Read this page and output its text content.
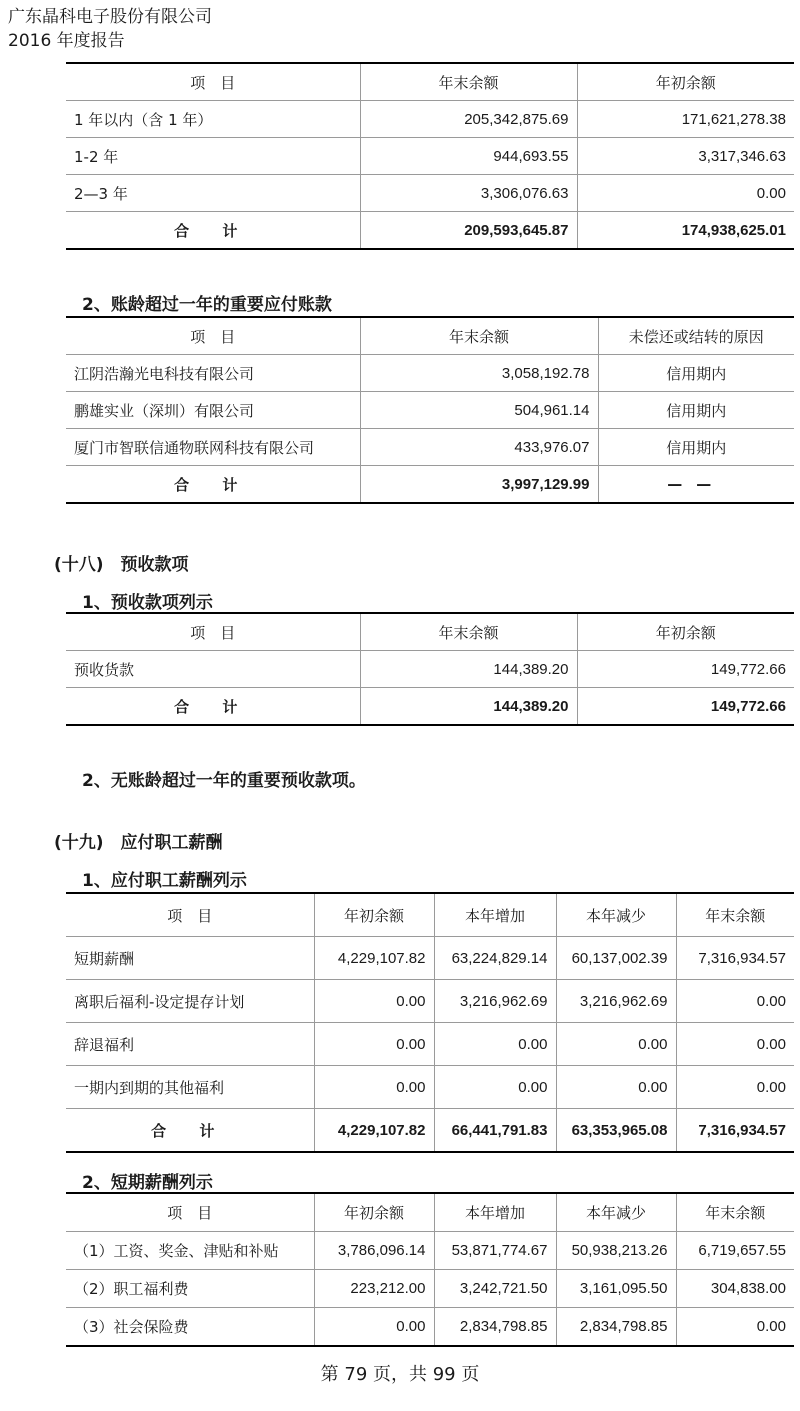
广东晶科电子股份有限公司
2016 年度报告
项　目	年末余额	年初余额
1 年以内（含 1 年）	205,342,875.69	171,621,278.38
1-2 年	944,693.55	3,317,346.63
2—3 年	3,306,076.63	0.00
合 计	209,593,645.87	174,938,625.01
2、账龄超过一年的重要应付账款
项　目	年末余额	未偿还或结转的原因
江阴浩瀚光电科技有限公司	3,058,192.78	信用期内
鹏雄实业（深圳）有限公司	504,961.14	信用期内
厦门市智联信通物联网科技有限公司	433,976.07	信用期内
合 计	3,997,129.99	——
(十八)　预收款项
1、预收款项列示
项　目	年末余额	年初余额
预收货款	144,389.20	149,772.66
合 计	144,389.20	149,772.66
2、无账龄超过一年的重要预收款项。
(十九)　应付职工薪酬
1、应付职工薪酬列示
项　目	年初余额	本年增加	本年减少	年末余额
短期薪酬	4,229,107.82	63,224,829.14	60,137,002.39	7,316,934.57
离职后福利-设定提存计划	0.00	3,216,962.69	3,216,962.69	0.00
辞退福利	0.00	0.00	0.00	0.00
一期内到期的其他福利	0.00	0.00	0.00	0.00
合 计	4,229,107.82	66,441,791.83	63,353,965.08	7,316,934.57
2、短期薪酬列示
项　目	年初余额	本年增加	本年减少	年末余额
（1）工资、奖金、津贴和补贴	3,786,096.14	53,871,774.67	50,938,213.26	6,719,657.55
（2）职工福利费	223,212.00	3,242,721.50	3,161,095.50	304,838.00
（3）社会保险费	0.00	2,834,798.85	2,834,798.85	0.00
第 79 页，共 99 页
